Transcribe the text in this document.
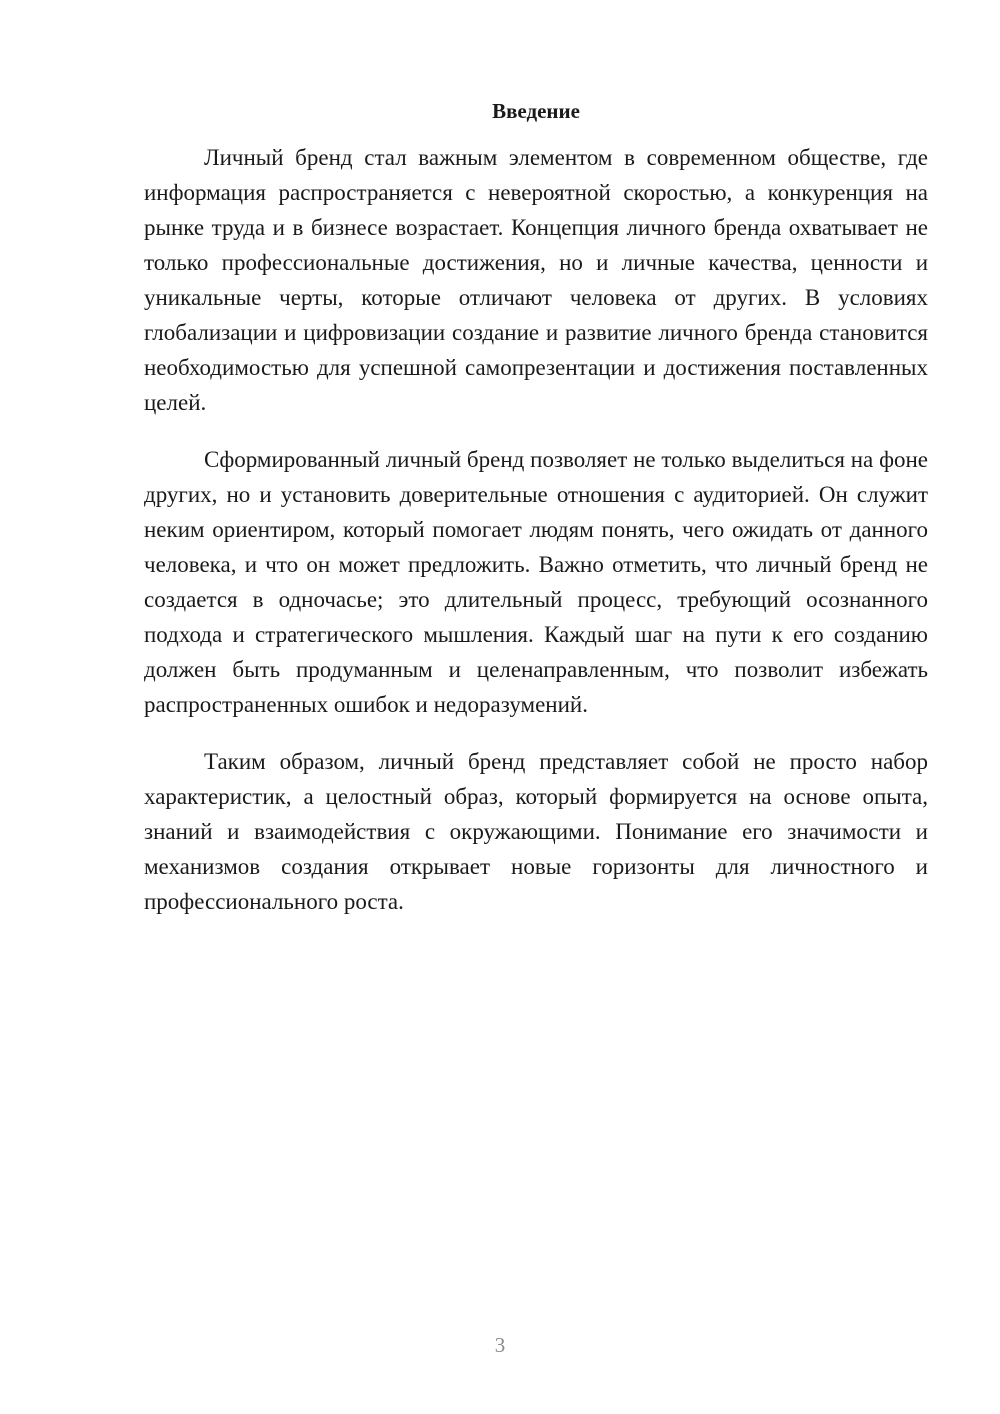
Введение

Личный бренд стал важным элементом в современном обществе, где информация распространяется с невероятной скоростью, а конкуренция на рынке труда и в бизнесе возрастает. Концепция личного бренда охватывает не только профессиональные достижения, но и личные качества, ценности и уникальные черты, которые отличают человека от других. В условиях глобализации и цифровизации создание и развитие личного бренда становится необходимостью для успешной самопрезентации и достижения поставленных целей.

Сформированный личный бренд позволяет не только выделиться на фоне других, но и установить доверительные отношения с аудиторией. Он служит неким ориентиром, который помогает людям понять, чего ожидать от данного человека, и что он может предложить. Важно отметить, что личный бренд не создается в одночасье; это длительный процесс, требующий осознанного подхода и стратегического мышления. Каждый шаг на пути к его созданию должен быть продуманным и целенаправленным, что позволит избежать распространенных ошибок и недоразумений.

Таким образом, личный бренд представляет собой не просто набор характеристик, а целостный образ, который формируется на основе опыта, знаний и взаимодействия с окружающими. Понимание его значимости и механизмов создания открывает новые горизонты для личностного и профессионального роста.

3
